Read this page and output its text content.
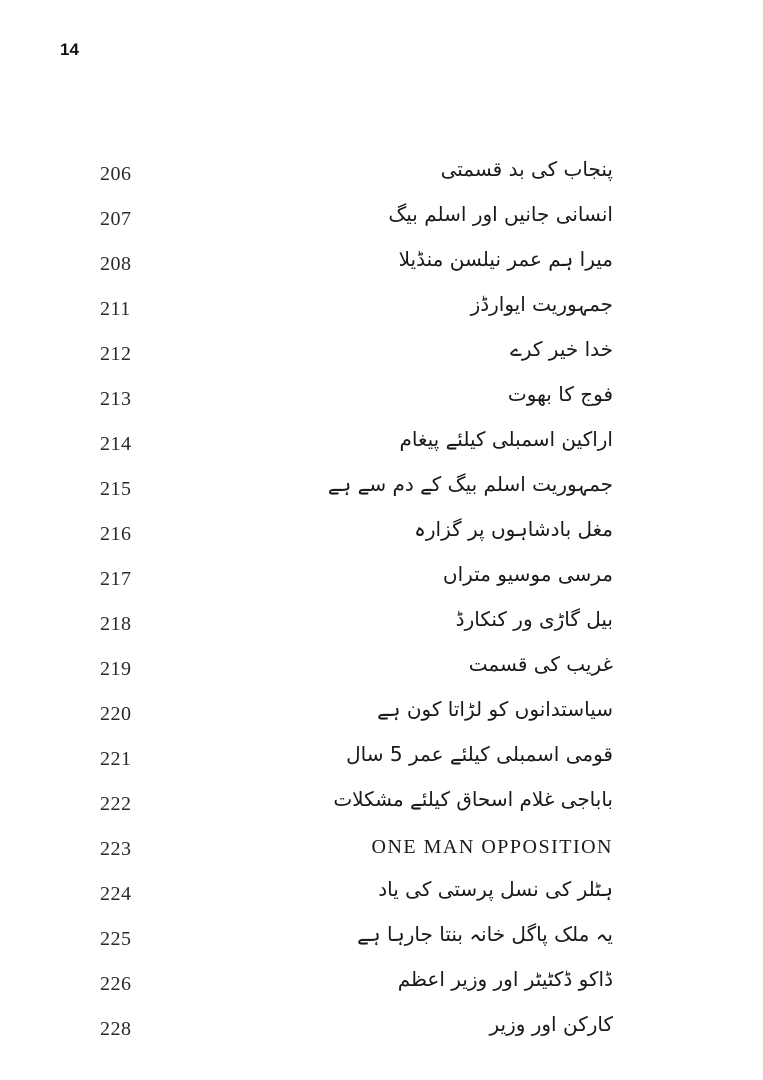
14
206	پنجاب کی بد قسمتی
207	انسانی جانیں اور اسلم بیگ
208	میرا ہم عمر نیلسن منڈیلا
211	جمہوریت ایوارڈز
212	خدا خیر کرے
213	فوج کا بھوت
214	اراکین اسمبلی کیلئے پیغام
215	جمہوریت اسلم بیگ کے دم سے ہے
216	مغل بادشاہوں پر گزارہ
217	مرسی موسیو متراں
218	بیل گاڑی ور کنکارڈ
219	غریب کی قسمت
220	سیاستدانوں کو لڑاتا کون ہے
221	قومی اسمبلی کیلئے عمر 5 سال
222	باباجی غلام اسحاق کیلئے مشکلات
223	ONE MAN OPPOSITION
224	ہٹلر کی نسل پرستی کی یاد
225	یہ ملک پاگل خانہ بنتا جارہا ہے
226	ڈاکو ڈکٹیٹر اور وزیر اعظم
228	کارکن اور وزیر
